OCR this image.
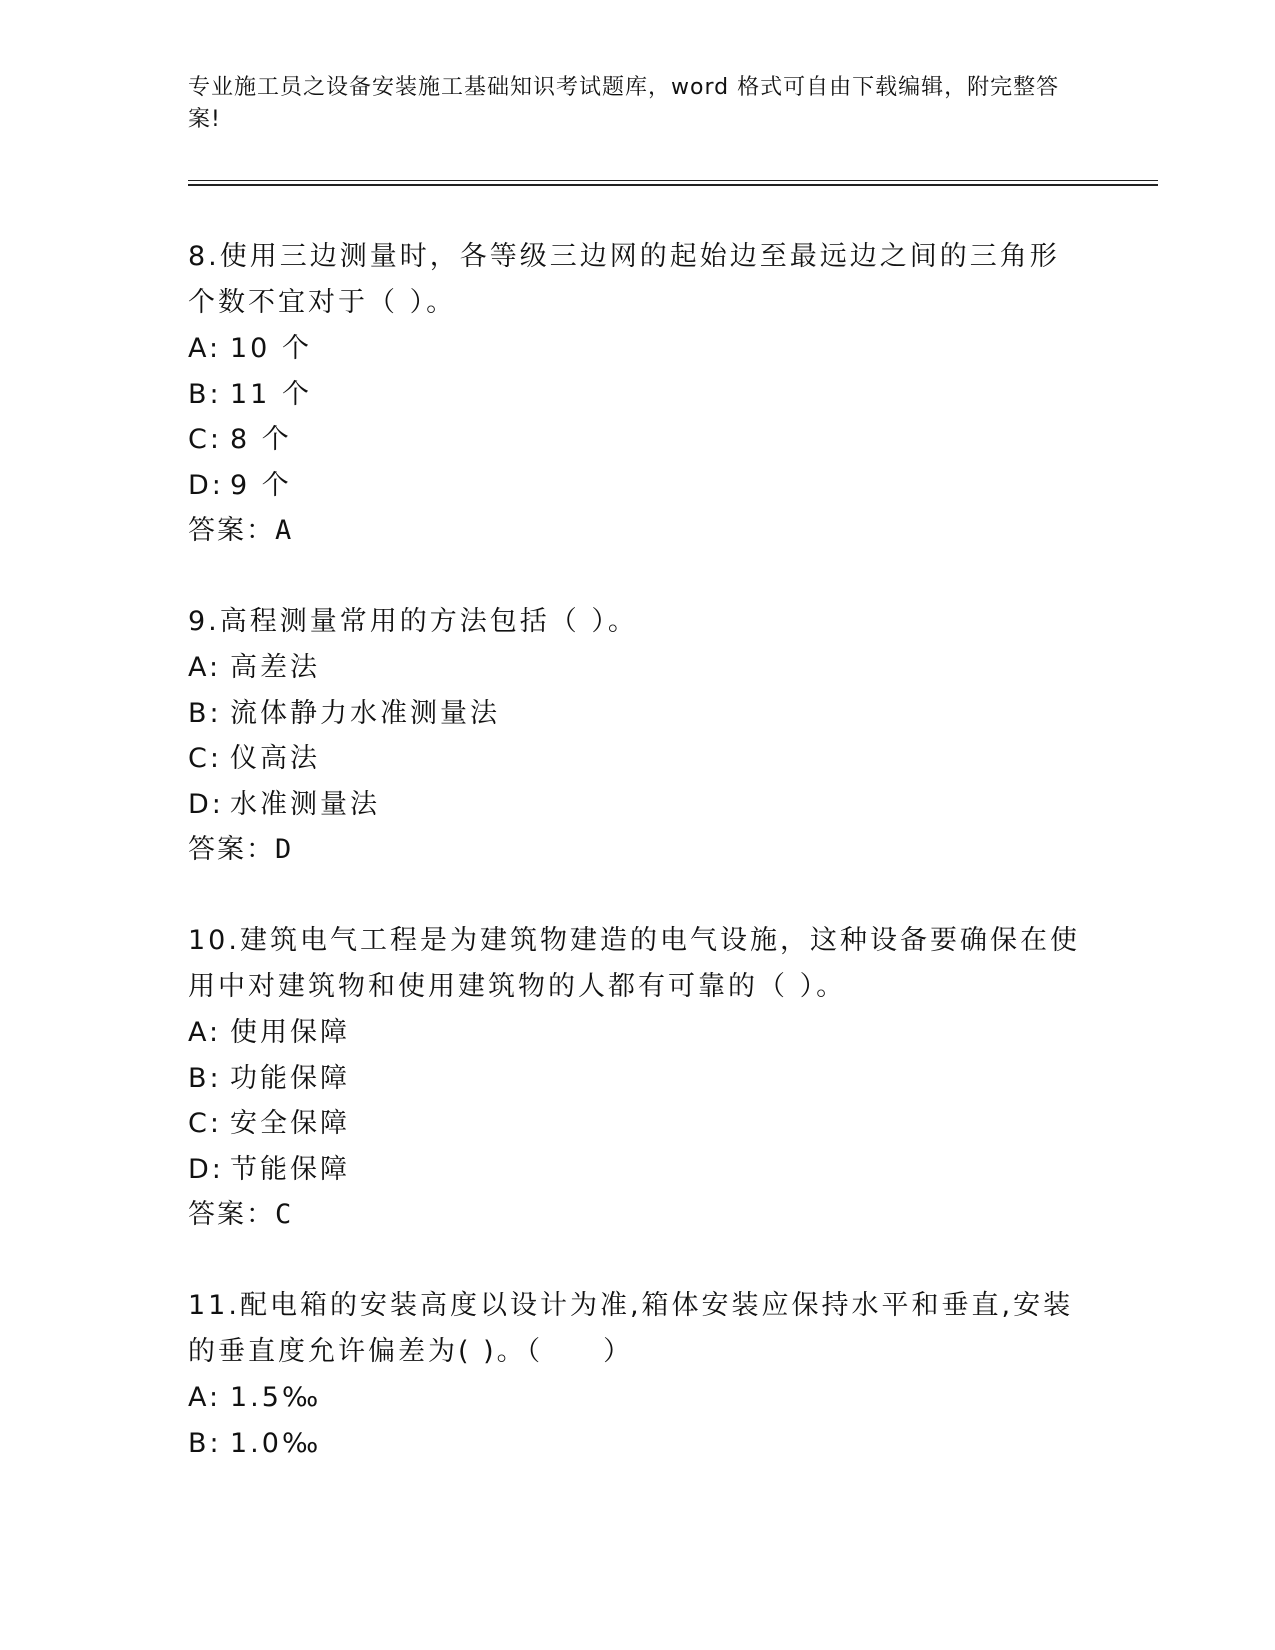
专业施工员之设备安装施工基础知识考试题库，word 格式可自由下载编辑，附完整答案!

8.使用三边测量时，各等级三边网的起始边至最远边之间的三角形个数不宜对于（ ）。

A: 10 个

B: 11 个

C: 8 个

D: 9 个

答案：A

9.高程测量常用的方法包括（ ）。

A: 高差法

B: 流体静力水准测量法

C: 仪高法

D: 水准测量法

答案：D

10.建筑电气工程是为建筑物建造的电气设施，这种设备要确保在使用中对建筑物和使用建筑物的人都有可靠的（ ）。

A: 使用保障

B: 功能保障

C: 安全保障

D: 节能保障

答案：C

11.配电箱的安装高度以设计为准,箱体安装应保持水平和垂直,安装的垂直度允许偏差为( )。（　　）

A: 1.5‰

B: 1.0‰
